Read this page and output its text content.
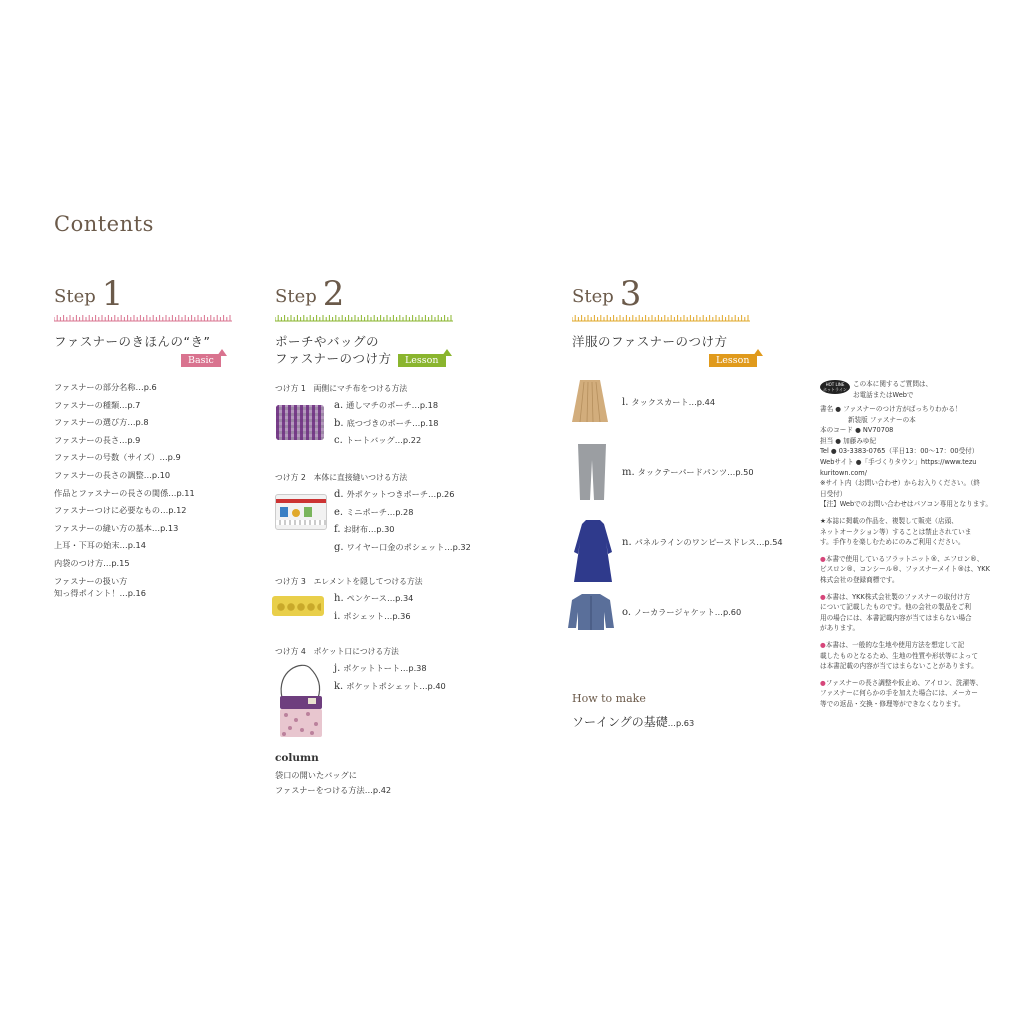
Contents
Step 1
ファスナーのきほんの“き”
Basic
ファスナーの部分名称…p.6
ファスナーの種類…p.7
ファスナーの選び方…p.8
ファスナーの長さ…p.9
ファスナーの号数（サイズ）…p.9
ファスナーの長さの調整…p.10
作品とファスナーの長さの関係…p.11
ファスナーつけに必要なもの…p.12
ファスナーの縫い方の基本…p.13
上耳・下耳の始末…p.14
内袋のつけ方…p.15
ファスナーの扱い方
知っ得ポイント！…p.16
Step 2
ポーチやバッグの
ファスナーのつけ方	Lesson
つけ方 1　両側にマチ布をつける方法
a. 通しマチのポーチ…p.18
b. 底つづきのポーチ…p.18
c. トートバッグ…p.22
つけ方 2　本体に直接縫いつける方法
d. 外ポケットつきポーチ…p.26
e. ミニポーチ…p.28
f. お財布…p.30
g. ワイヤー口金のポシェット…p.32
つけ方 3　エレメントを隠してつける方法
h. ペンケース…p.34
i. ポシェット…p.36
つけ方 4　ポケット口につける方法
j. ポケットトート…p.38
k. ポケットポシェット…p.40
column
袋口の開いたバッグに
ファスナーをつける方法…p.42
Step 3
洋服のファスナーのつけ方
Lesson
l. タックスカート…p.44
m. タックテーパードパンツ…p.50
n. パネルラインのワンピースドレス…p.54
o. ノーカラージャケット…p.60
How to make
ソーイングの基礎…p.63
HOT LINE
ホットライン
この本に関するご質問は、
お電話またはWebで
書名 ● ファスナーのつけ方がばっちりわかる！
新装版 ファスナーの本
本のコード ● NV70708
担当 ● 加藤みゆ紀
Tel ● 03-3383-0765（平日13：00〜17：00受付）
Webサイト ●「手づくりタウン」https://www.tezu
kuritown.com/
※サイト内（お問い合わせ）からお入りください。（終
日受付）
【注】Webでのお問い合わせはパソコン専用となります。

★本誌に掲載の作品を、複製して販売（店頭、
ネットオークション等）することは禁止されていま
す。手作りを楽しむためにのみご利用ください。

●本書で使用しているフラットニット®、エフロン®、
ビスロン®、コンシール®、ファスナーメイト®は、YKK
株式会社の登録商標です。

●本書は、YKK株式会社製のファスナーの取付け方
について記載したものです。他の会社の製品をご利
用の場合には、本書記載内容が当てはまらない場合
があります。

●本書は、一般的な生地や使用方法を想定して記
載したものとなるため、生地の性質や形状等によって
は本書記載の内容が当てはまらないことがあります。

●ファスナーの長さ調整や仮止め、アイロン、洗濯等、
ファスナーに何らかの手を加えた場合には、メーカー
等での返品・交換・修理等ができなくなります。
